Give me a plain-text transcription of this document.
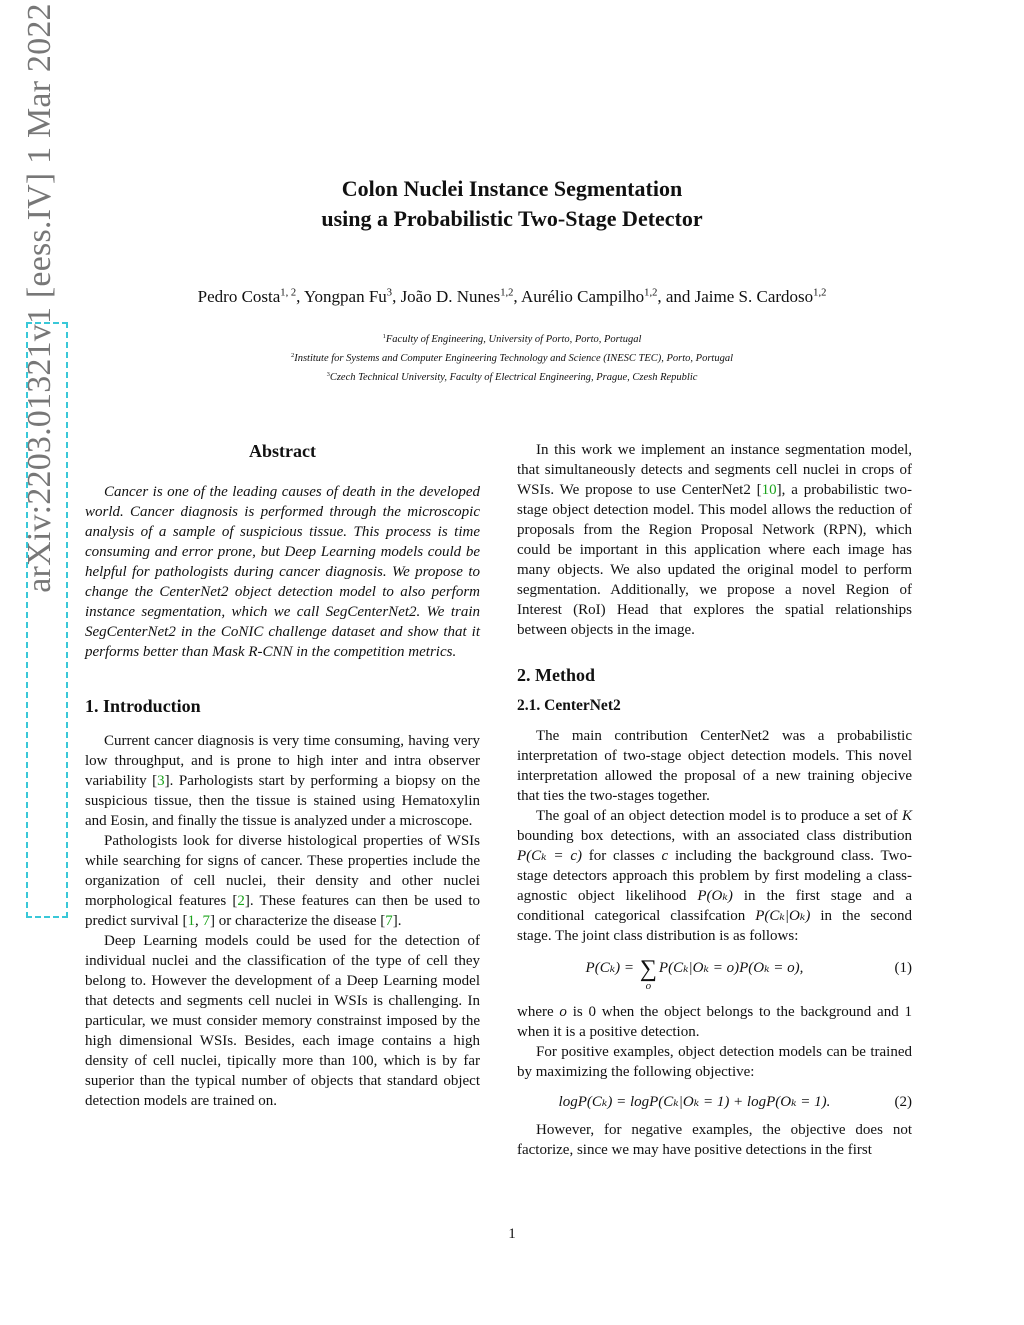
arXiv:2203.01321v1 [eess.IV] 1 Mar 2022	Colon Nuclei Instance Segmentation
using a Probabilistic Two-Stage Detector
Pedro Costa$^{1, 2}$, Yongpan Fu$^3$, João D. Nunes$^{1,2}$, Aurélio Campilho$^{1,2}$, and Jaime S. Cardoso$^{1,2}$
$^1$Faculty of Engineering, University of Porto, Porto, Portugal
$^2$Institute for Systems and Computer Engineering Technology and Science (INESC TEC), Porto, Portugal
$^3$Czech Technical University, Faculty of Electrical Engineering, Prague, Czesh Republic
Abstract

Cancer is one of the leading causes of death in the developed world. Cancer diagnosis is performed through the microscopic analysis of a sample of suspicious tissue. This process is time consuming and error prone, but Deep Learning models could be helpful for pathologists during cancer diagnosis. We propose to change the CenterNet2 object detection model to also perform instance segmentation, which we call SegCenterNet2. We train SegCenterNet2 in the CoNIC challenge dataset and show that it performs better than Mask R-CNN in the competition metrics.

1. Introduction

Current cancer diagnosis is very time consuming, having very low throughput, and is prone to high inter and intra observer variability [3]. Parhologists start by performing a biopsy on the suspicious tissue, then the tissue is stained using Hematoxylin and Eosin, and finally the tissue is analyzed under a microscope.

Pathologists look for diverse histological properties of WSIs while searching for signs of cancer. These properties include the organization of cell nuclei, their density and other nuclei morphological features [2]. These features can then be used to predict survival [1, 7] or characterize the disease [7].

Deep Learning models could be used for the detection of individual nuclei and the classification of the type of cell they belong to. However the development of a Deep Learning model that detects and segments cell nuclei in WSIs is challenging. In particular, we must consider memory constrainst imposed by the high dimensional WSIs. Besides, each image contains a high density of cell nuclei, tipically more than 100, which is by far superior than the typical number of objects that standard object detection models are trained on.

In this work we implement an instance segmentation model, that simultaneously detects and segments cell nuclei in crops of WSIs. We propose to use CenterNet2 [10], a probabilistic two-stage object detection model. This model allows the reduction of proposals from the Region Proposal Network (RPN), which could be important in this application where each image has many objects. We also updated the original model to perform segmentation. Additionally, we propose a novel Region of Interest (RoI) Head that explores the spatial relationships between objects in the image.

2. Method
2.1. CenterNet2

The main contribution CenterNet2 was a probabilistic interpretation of two-stage object detection models. This novel interpretation allowed the proposal of a new training objecive that ties the two-stages together.

The goal of an object detection model is to produce a set of K bounding box detections, with an associated class distribution P(Cₖ = c) for classes c including the background class. Two-stage detectors approach this problem by first modeling a class-agnostic object likelihood P(Oₖ) in the first stage and a conditional categorical classifcation P(Cₖ|Oₖ) in the second stage. The joint class distribution is as follows:

P(Cₖ) = ∑
o
P(Cₖ|Oₖ = o)P(Oₖ = o),	(1)

where o is 0 when the object belongs to the background and 1 when it is a positive detection.

For positive examples, object detection models can be trained by maximizing the following objective:

logP(Cₖ) = logP(Cₖ|Oₖ = 1) + logP(Oₖ = 1).	(2)

However, for negative examples, the objective does not factorize, since we may have positive detections in the first

1
